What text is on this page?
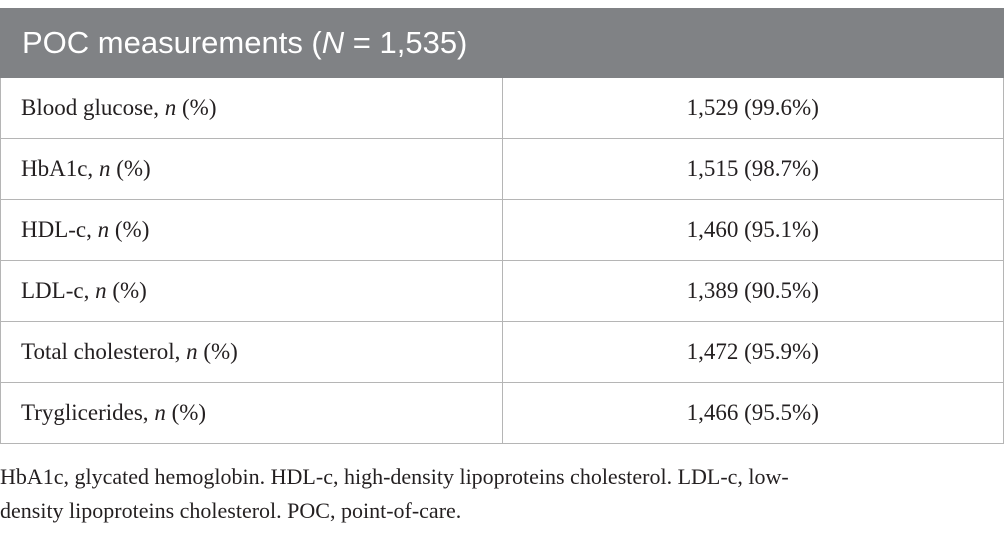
POC measurements (N = 1,535)	
Blood glucose, n (%)	1,529 (99.6%)
HbA1c, n (%)	1,515 (98.7%)
HDL-c, n (%)	1,460 (95.1%)
LDL-c, n (%)	1,389 (90.5%)
Total cholesterol, n (%)	1,472 (95.9%)
Tryglicerides, n (%)	1,466 (95.5%)
HbA1c, glycated hemoglobin. HDL-c, high-density lipoproteins cholesterol. LDL-c, low-
density lipoproteins cholesterol. POC, point-of-care.
